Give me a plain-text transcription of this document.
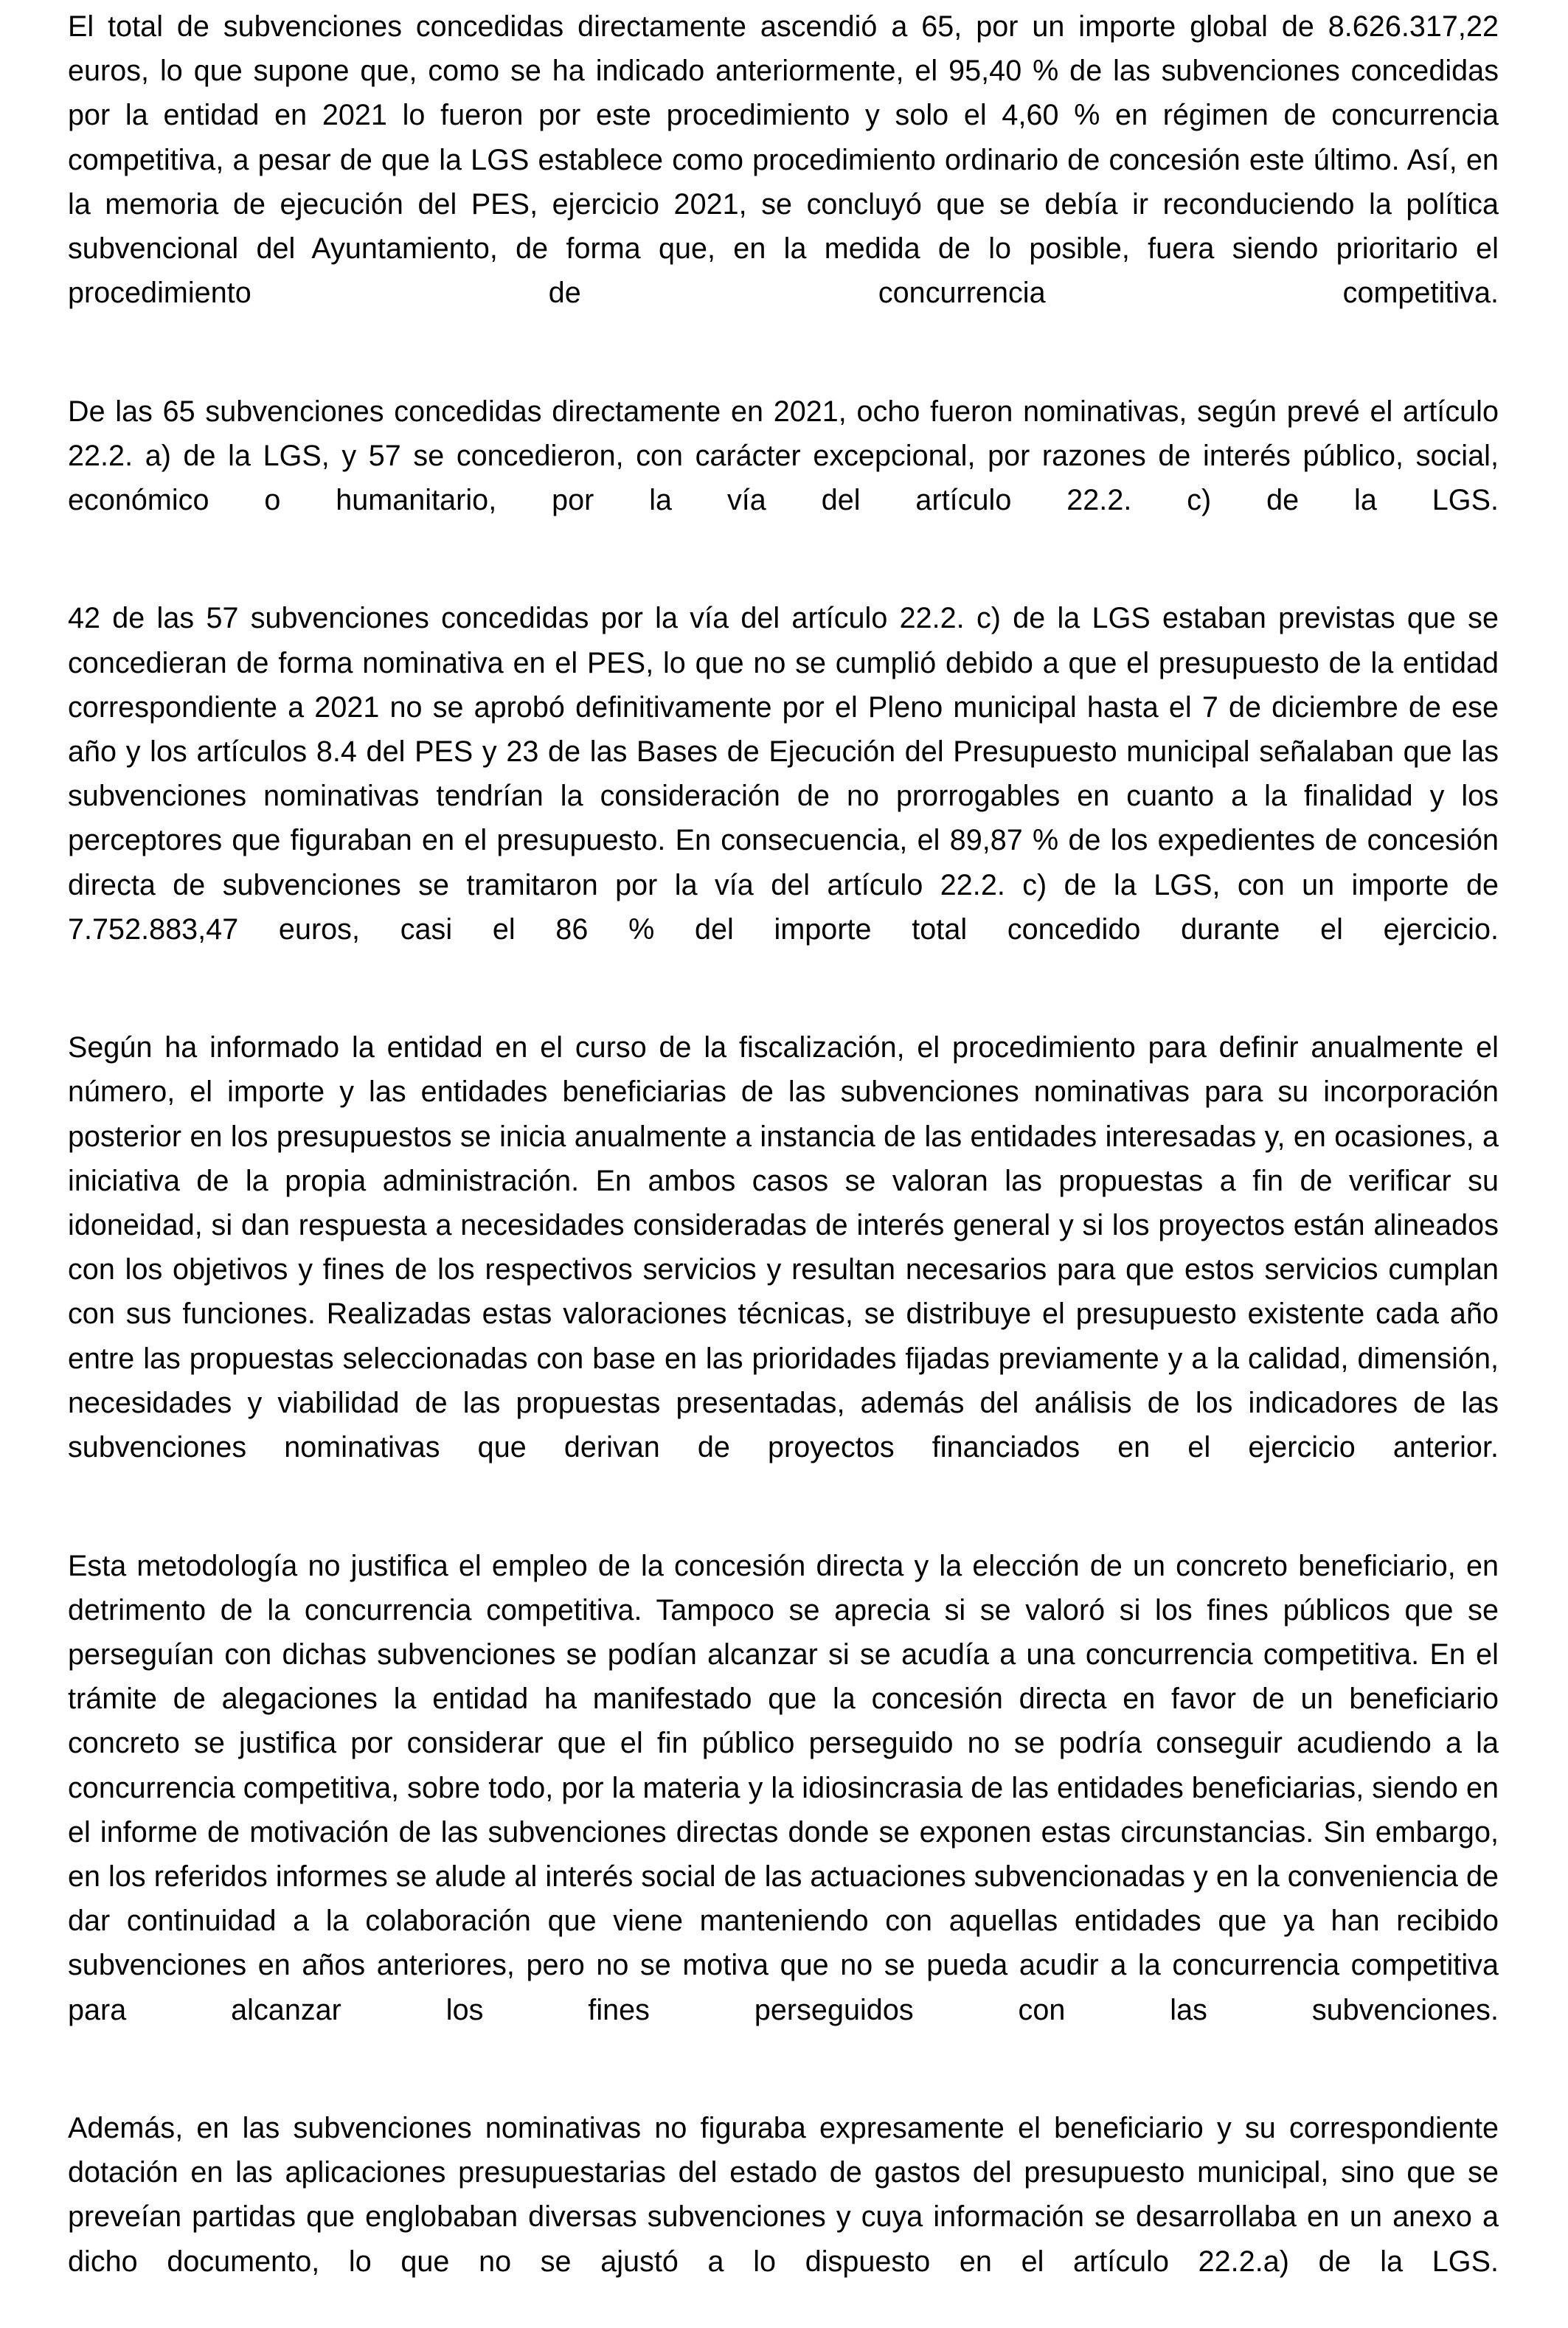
El total de subvenciones concedidas directamente ascendió a 65, por un importe global de 8.626.317,22 euros, lo que supone que, como se ha indicado anteriormente, el 95,40 % de las subvenciones concedidas por la entidad en 2021 lo fueron por este procedimiento y solo el 4,60 % en régimen de concurrencia competitiva, a pesar de que la LGS establece como procedimiento ordinario de concesión este último. Así, en la memoria de ejecución del PES, ejercicio 2021, se concluyó que se debía ir reconduciendo la política subvencional del Ayuntamiento, de forma que, en la medida de lo posible, fuera siendo prioritario el procedimiento de concurrencia competitiva.

De las 65 subvenciones concedidas directamente en 2021, ocho fueron nominativas, según prevé el artículo 22.2. a) de la LGS, y 57 se concedieron, con carácter excepcional, por razones de interés público, social, económico o humanitario, por la vía del artículo 22.2. c) de la LGS.

42 de las 57 subvenciones concedidas por la vía del artículo 22.2. c) de la LGS estaban previstas que se concedieran de forma nominativa en el PES, lo que no se cumplió debido a que el presupuesto de la entidad correspondiente a 2021 no se aprobó definitivamente por el Pleno municipal hasta el 7 de diciembre de ese año y los artículos 8.4 del PES y 23 de las Bases de Ejecución del Presupuesto municipal señalaban que las subvenciones nominativas tendrían la consideración de no prorrogables en cuanto a la finalidad y los perceptores que figuraban en el presupuesto. En consecuencia, el 89,87 % de los expedientes de concesión directa de subvenciones se tramitaron por la vía del artículo 22.2. c) de la LGS, con un importe de 7.752.883,47 euros, casi el 86 % del importe total concedido durante el ejercicio.

Según ha informado la entidad en el curso de la fiscalización, el procedimiento para definir anualmente el número, el importe y las entidades beneficiarias de las subvenciones nominativas para su incorporación posterior en los presupuestos se inicia anualmente a instancia de las entidades interesadas y, en ocasiones, a iniciativa de la propia administración. En ambos casos se valoran las propuestas a fin de verificar su idoneidad, si dan respuesta a necesidades consideradas de interés general y si los proyectos están alineados con los objetivos y fines de los respectivos servicios y resultan necesarios para que estos servicios cumplan con sus funciones. Realizadas estas valoraciones técnicas, se distribuye el presupuesto existente cada año entre las propuestas seleccionadas con base en las prioridades fijadas previamente y a la calidad, dimensión, necesidades y viabilidad de las propuestas presentadas, además del análisis de los indicadores de las subvenciones nominativas que derivan de proyectos financiados en el ejercicio anterior.

Esta metodología no justifica el empleo de la concesión directa y la elección de un concreto beneficiario, en detrimento de la concurrencia competitiva. Tampoco se aprecia si se valoró si los fines públicos que se perseguían con dichas subvenciones se podían alcanzar si se acudía a una concurrencia competitiva. En el trámite de alegaciones la entidad ha manifestado que la concesión directa en favor de un beneficiario concreto se justifica por considerar que el fin público perseguido no se podría conseguir acudiendo a la concurrencia competitiva, sobre todo, por la materia y la idiosincrasia de las entidades beneficiarias, siendo en el informe de motivación de las subvenciones directas donde se exponen estas circunstancias. Sin embargo, en los referidos informes se alude al interés social de las actuaciones subvencionadas y en la conveniencia de dar continuidad a la colaboración que viene manteniendo con aquellas entidades que ya han recibido subvenciones en años anteriores, pero no se motiva que no se pueda acudir a la concurrencia competitiva para alcanzar los fines perseguidos con las subvenciones.

Además, en las subvenciones nominativas no figuraba expresamente el beneficiario y su correspondiente dotación en las aplicaciones presupuestarias del estado de gastos del presupuesto municipal, sino que se preveían partidas que englobaban diversas subvenciones y cuya información se desarrollaba en un anexo a dicho documento, lo que no se ajustó a lo dispuesto en el artículo 22.2.a) de la LGS.
